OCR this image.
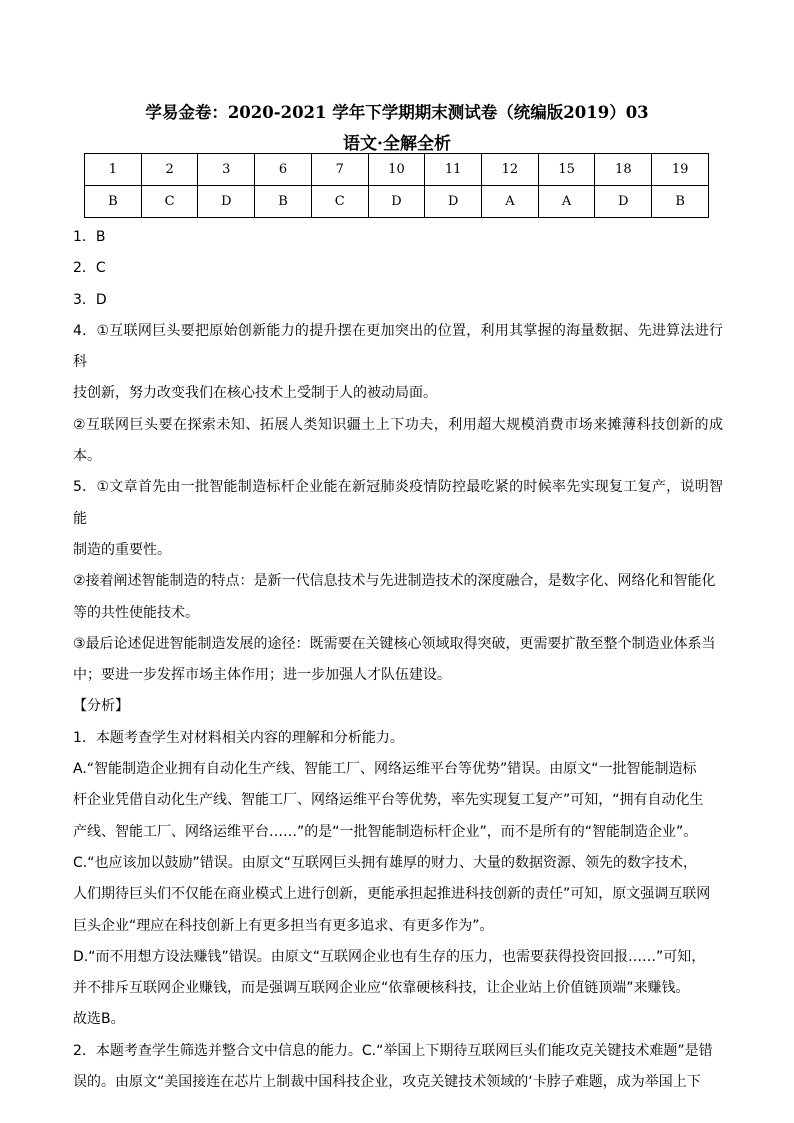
学易金卷：2020-2021 学年下学期期末测试卷（统编版2019）03
语文·全解全析
1	2	3	6	7	10	11	12	15	18	19
B	C	D	B	C	D	D	A	A	D	B

1．B

2．C

3．D

4．①互联网巨头要把原始创新能力的提升摆在更加突出的位置，利用其掌握的海量数据、先进算法进行科

技创新，努力改变我们在核心技术上受制于人的被动局面。

②互联网巨头要在探索未知、拓展人类知识疆土上下功夫，利用超大规模消费市场来摊薄科技创新的成本。

5．①文章首先由一批智能制造标杆企业能在新冠肺炎疫情防控最吃紧的时候率先实现复工复产，说明智能

制造的重要性。

②接着阐述智能制造的特点：是新一代信息技术与先进制造技术的深度融合，是数字化、网络化和智能化

等的共性使能技术。

③最后论述促进智能制造发展的途径：既需要在关键核心领域取得突破，更需要扩散至整个制造业体系当

中；要进一步发挥市场主体作用；进一步加强人才队伍建设。

【分析】

1．本题考查学生对材料相关内容的理解和分析能力。

A.“智能制造企业拥有自动化生产线、智能工厂、网络运维平台等优势”错误。由原文“一批智能制造标

杆企业凭借自动化生产线、智能工厂、网络运维平台等优势，率先实现复工复产”可知，“拥有自动化生

产线、智能工厂、网络运维平台……”的是“一批智能制造标杆企业”，而不是所有的“智能制造企业”。

C.“也应该加以鼓励”错误。由原文“互联网巨头拥有雄厚的财力、大量的数据资源、领先的数字技术，

人们期待巨头们不仅能在商业模式上进行创新，更能承担起推进科技创新的责任”可知，原文强调互联网

巨头企业“理应在科技创新上有更多担当有更多追求、有更多作为”。

D.“而不用想方设法赚钱”错误。由原文“互联网企业也有生存的压力，也需要获得投资回报……”可知，

并不排斥互联网企业赚钱，而是强调互联网企业应“依靠硬核科技，让企业站上价值链顶端”来赚钱。

故选B。

2．本题考查学生筛选并整合文中信息的能力。C.“举国上下期待互联网巨头们能攻克关键技术难题”是错

误的。由原文“美国接连在芯片上制裁中国科技企业，攻克关键技术领域的‘卡脖子难题，成为举国上下
